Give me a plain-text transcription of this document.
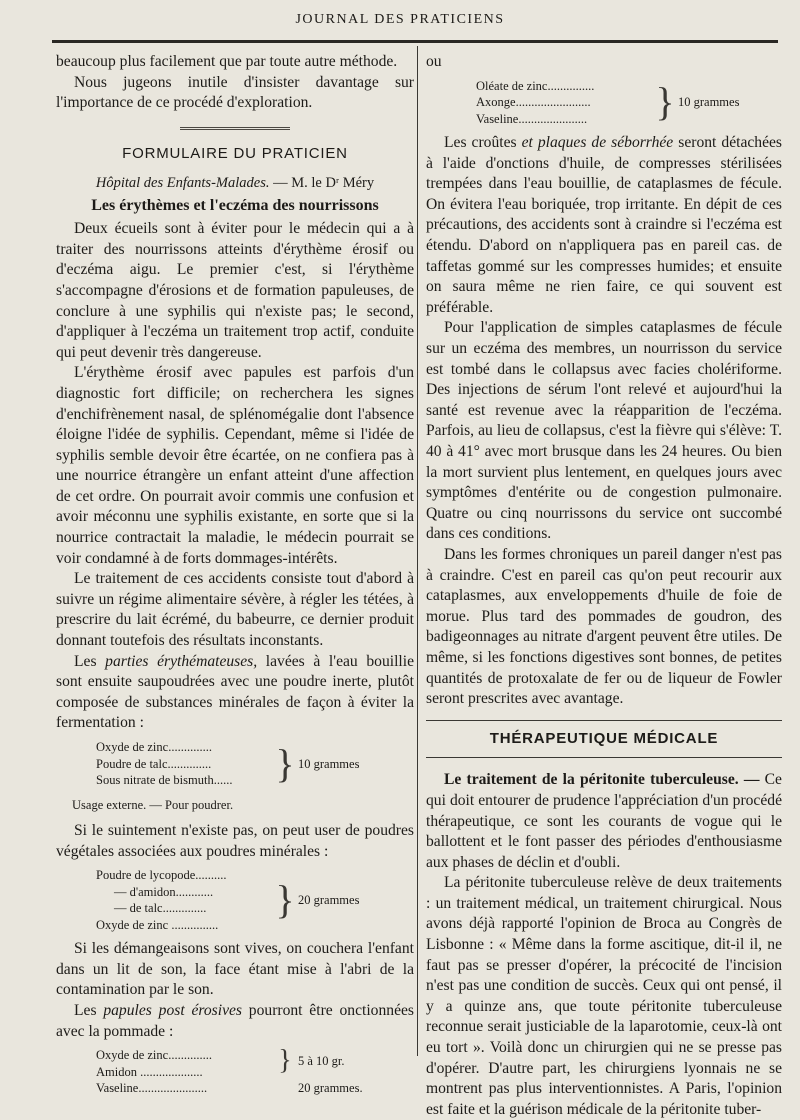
JOURNAL DES PRATICIENS

beaucoup plus facilement que par toute autre méthode.

Nous jugeons inutile d'insister davantage sur l'importance de ce procédé d'exploration.

FORMULAIRE DU PRATICIEN
Hôpital des Enfants-Malades. — M. le Dʳ Méry
Les érythèmes et l'eczéma des nourrissons

Deux écueils sont à éviter pour le médecin qui a à traiter des nourrissons atteints d'érythème érosif ou d'eczéma aigu. Le premier c'est, si l'érythème s'accompagne d'érosions et de formation papuleuses, de conclure à une syphilis qui n'existe pas; le second, d'appliquer à l'eczéma un traitement trop actif, conduite qui peut devenir très dangereuse.

L'érythème érosif avec papules est parfois d'un diagnostic fort difficile; on recherchera les signes d'enchifrènement nasal, de splénomégalie dont l'absence éloigne l'idée de syphilis. Cependant, même si l'idée de syphilis semble devoir être écartée, on ne confiera pas à une nourrice étrangère un enfant atteint d'une affection de cet ordre. On pourrait avoir commis une confusion et avoir méconnu une syphilis existante, en sorte que si la nourrice contractait la maladie, le médecin pourrait se voir condamné à de forts dommages-intérêts.

Le traitement de ces accidents consiste tout d'abord à suivre un régime alimentaire sévère, à régler les tétées, à prescrire du lait écrémé, du babeurre, ce dernier produit donnant toutefois des résultats inconstants.

Les parties érythémateuses, lavées à l'eau bouillie sont ensuite saupoudrées avec une poudre inerte, plutôt composée de substances minérales de façon à éviter la fermentation :

Oxyde de zinc..............
Poudre de talc..............
Sous nitrate de bismuth......	} 10 grammes
Usage externe. — Pour poudrer.

Si le suintement n'existe pas, on peut user de poudres végétales associées aux poudres minérales :

Poudre de lycopode..........
— d'amidon............
— de talc..............
Oxyde de zinc ...............
} 20 grammes

Si les démangeaisons sont vives, on couchera l'enfant dans un lit de son, la face étant mise à l'abri de la contamination par le son.

Les papules post érosives pourront être onctionnées avec la pommade :

Oxyde de zinc..............
Amidon ....................
Vaseline......................
} 5 à 10 gr.
20 grammes.

ou

Oléate de zinc...............
Axonge........................
Vaseline......................	} 10 grammes

Les croûtes et plaques de séborrhée seront détachées à l'aide d'onctions d'huile, de compresses stérilisées trempées dans l'eau bouillie, de cataplasmes de fécule. On évitera l'eau boriquée, trop irritante. En dépit de ces précautions, des accidents sont à craindre si l'eczéma est étendu. D'abord on n'appliquera pas en pareil cas. de taffetas gommé sur les compresses humides; et ensuite on saura même ne rien faire, ce qui souvent est préférable.

Pour l'application de simples cataplasmes de fécule sur un eczéma des membres, un nourrisson du service est tombé dans le collapsus avec facies cholériforme. Des injections de sérum l'ont relevé et aujourd'hui la santé est revenue avec la réapparition de l'eczéma. Parfois, au lieu de collapsus, c'est la fièvre qui s'élève: T. 40 à 41° avec mort brusque dans les 24 heures. Ou bien la mort survient plus lentement, en quelques jours avec symptômes d'entérite ou de congestion pulmonaire. Quatre ou cinq nourrissons du service ont succombé dans ces conditions.

Dans les formes chroniques un pareil danger n'est pas à craindre. C'est en pareil cas qu'on peut recourir aux cataplasmes, aux enveloppements d'huile de foie de morue. Plus tard des pommades de goudron, des badigeonnages au nitrate d'argent peuvent être utiles. De même, si les fonctions digestives sont bonnes, de petites quantités de protoxalate de fer ou de liqueur de Fowler seront prescrites avec avantage.

THÉRAPEUTIQUE MÉDICALE

Le traitement de la péritonite tuberculeuse. — Ce qui doit entourer de prudence l'appréciation d'un procédé thérapeutique, ce sont les courants de vogue qui le ballottent et le font passer des périodes d'enthousiasme aux phases de déclin et d'oubli.

La péritonite tuberculeuse relève de deux traitements : un traitement médical, un traitement chirurgical. Nous avons déjà rapporté l'opinion de Broca au Congrès de Lisbonne : « Même dans la forme ascitique, dit-il il, ne faut pas se presser d'opérer, la précocité de l'incision n'est pas une condition de succès. Ceux qui ont pensé, il y a quinze ans, que toute péritonite tuberculeuse reconnue serait justiciable de la laparotomie, ceux-là ont eu tort ». Voilà donc un chirurgien qui ne se presse pas d'opérer. D'autre part, les chirurgiens lyonnais ne se montrent pas plus interventionnistes. A Paris, l'opinion est faite et la guérison médicale de la péritonite tuber-
